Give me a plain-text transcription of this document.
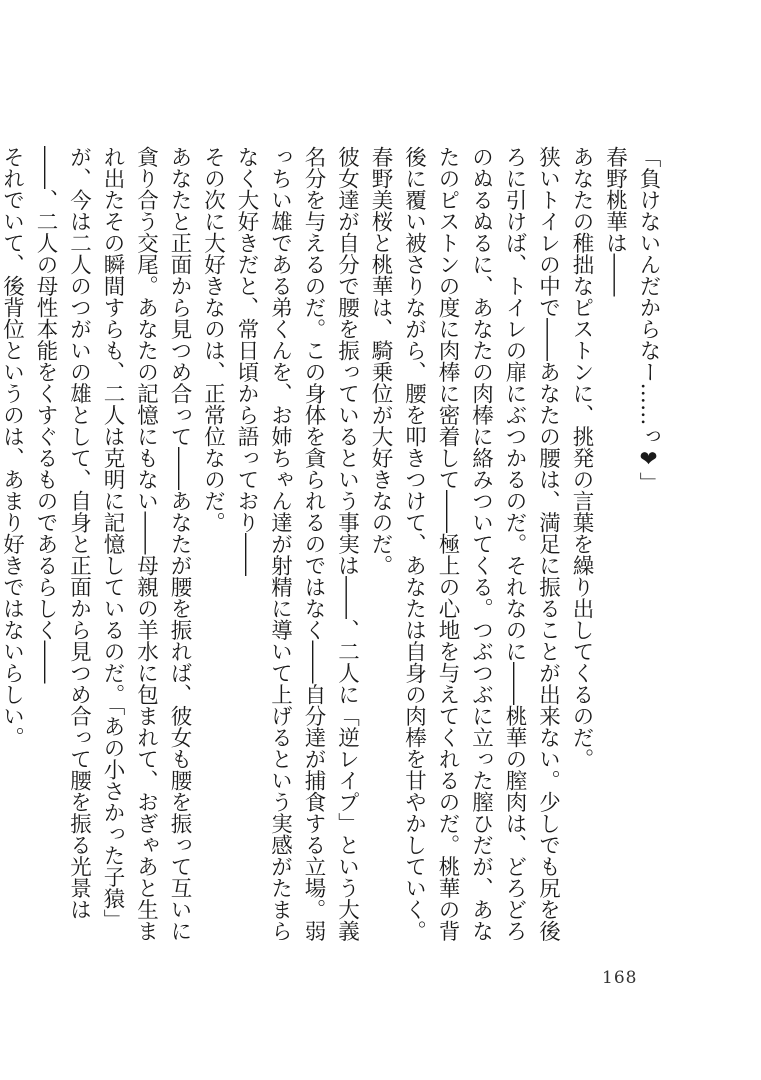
「負けないんだからなー……っ❤」

春野桃華は――

あなたの稚拙なピストンに、挑発の言葉を繰り出してくるのだ。

狭いトイレの中で――あなたの腰は、満足に振ることが出来ない。少しでも尻を後ろに引けば、トイレの扉にぶつかるのだ。それなのに――桃華の膣肉は、どろどろのぬるぬるに、あなたの肉棒に絡みついてくる。つぶつぶに立った膣ひだが、あなたのピストンの度に肉棒に密着して――極上の心地を与えてくれるのだ。桃華の背後に覆い被さりながら、腰を叩きつけて、あなたは自身の肉棒を甘やかしていく。

春野美桜と桃華は、騎乗位が大好きなのだ。

彼女達が自分で腰を振っているという事実は――、二人に「逆レイプ」という大義名分を与えるのだ。この身体を貪られるのではなく――自分達が捕食する立場。弱っちい雄である弟くんを、お姉ちゃん達が射精に導いて上げるという実感がたまらなく大好きだと、常日頃から語っており――

その次に大好きなのは、正常位なのだ。

あなたと正面から見つめ合って――あなたが腰を振れば、彼女も腰を振って互いに貪り合う交尾。あなたの記憶にもない――母親の羊水に包まれて、おぎゃあと生まれ出たその瞬間すらも、二人は克明に記憶しているのだ。「あの小さかった子猿」が、今は二人のつがいの雄として、自身と正面から見つめ合って腰を振る光景は――、二人の母性本能をくすぐるものであるらしく――

それでいて、後背位というのは、あまり好きではないらしい。

168
